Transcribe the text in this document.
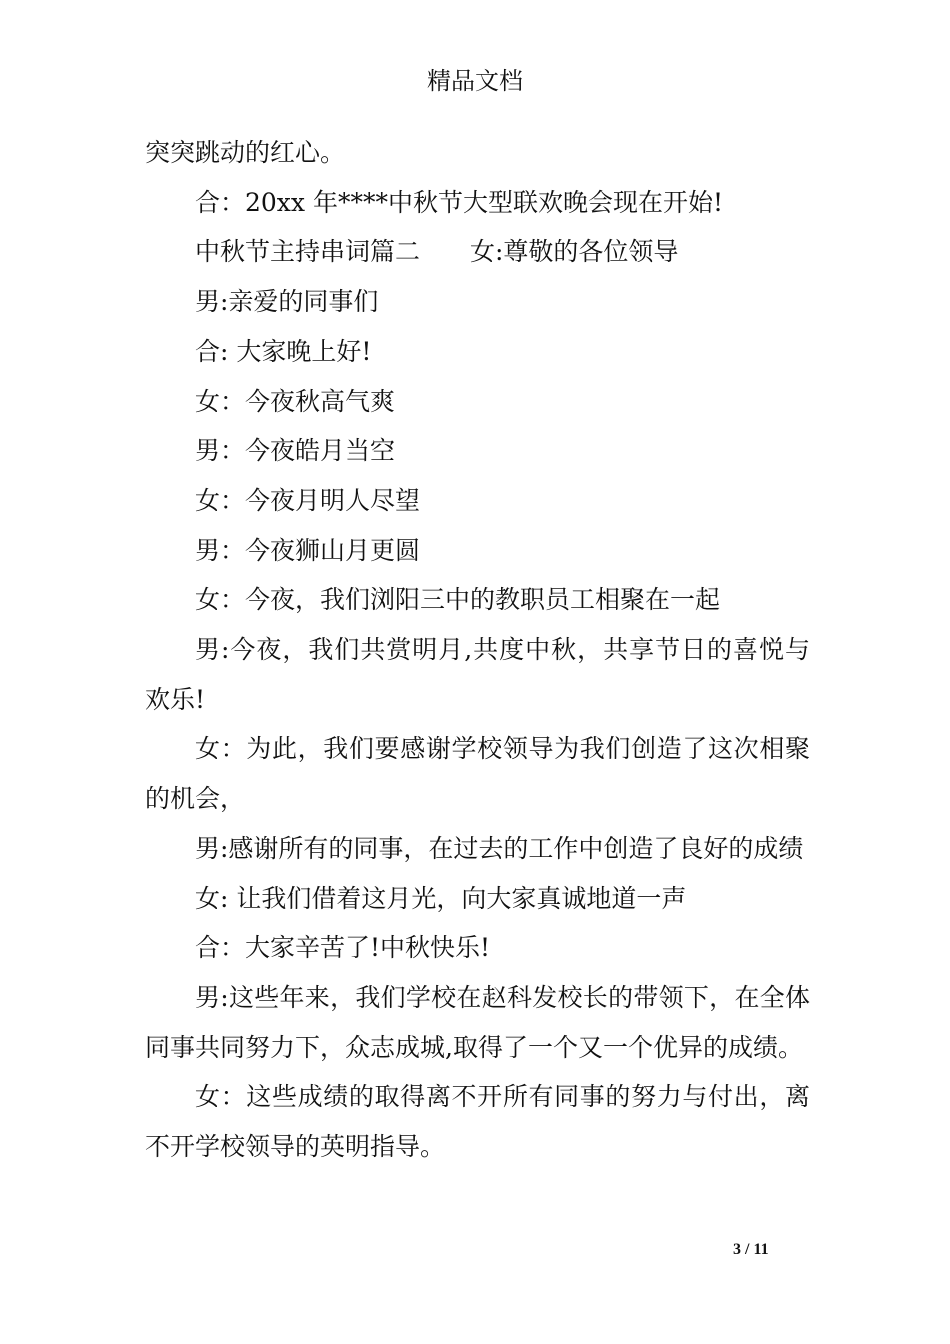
精品文档

突突跳动的红心。

合：20xx 年****中秋节大型联欢晚会现在开始!

中秋节主持串词篇二　　女:尊敬的各位领导

男:亲爱的同事们

合: 大家晚上好!

女：今夜秋高气爽

男：今夜皓月当空

女：今夜月明人尽望

男：今夜狮山月更圆

女：今夜，我们浏阳三中的教职员工相聚在一起

男:今夜，我们共赏明月,共度中秋，共享节日的喜悦与欢乐!

女：为此，我们要感谢学校领导为我们创造了这次相聚的机会，

男:感谢所有的同事，在过去的工作中创造了良好的成绩

女: 让我们借着这月光，向大家真诚地道一声

合：大家辛苦了!中秋快乐!

男:这些年来，我们学校在赵科发校长的带领下，在全体同事共同努力下，众志成城,取得了一个又一个优异的成绩。

女：这些成绩的取得离不开所有同事的努力与付出，离不开学校领导的英明指导。

3 / 11
